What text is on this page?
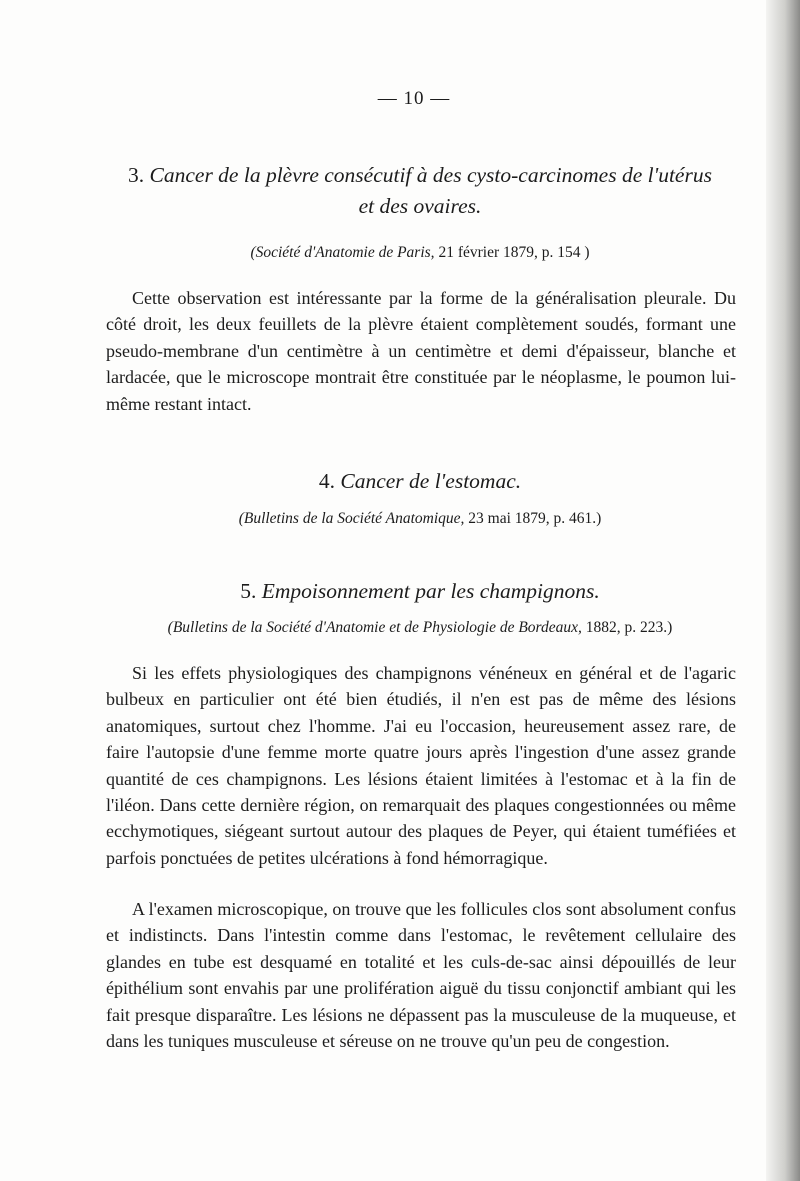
— 10 —
3. Cancer de la plèvre consécutif à des cysto-carcinomes de l'utérus
et des ovaires.
(Société d'Anatomie de Paris, 21 février 1879, p. 154 )

Cette observation est intéressante par la forme de la généralisation pleurale. Du côté droit, les deux feuillets de la plèvre étaient complètement soudés, formant une pseudo-membrane d'un centimètre à un centimètre et demi d'épaisseur, blanche et lardacée, que le microscope montrait être constituée par le néoplasme, le poumon lui-même restant intact.

4. Cancer de l'estomac.
(Bulletins de la Société Anatomique, 23 mai 1879, p. 461.)
5. Empoisonnement par les champignons.
(Bulletins de la Société d'Anatomie et de Physiologie de Bordeaux, 1882, p. 223.)

Si les effets physiologiques des champignons vénéneux en général et de l'agaric bulbeux en particulier ont été bien étudiés, il n'en est pas de même des lésions anatomiques, surtout chez l'homme. J'ai eu l'occasion, heureusement assez rare, de faire l'autopsie d'une femme morte quatre jours après l'ingestion d'une assez grande quantité de ces champignons. Les lésions étaient limitées à l'estomac et à la fin de l'iléon. Dans cette dernière région, on remarquait des plaques congestionnées ou même ecchymotiques, siégeant surtout autour des plaques de Peyer, qui étaient tuméfiées et parfois ponctuées de petites ulcérations à fond hémorragique.

A l'examen microscopique, on trouve que les follicules clos sont absolument confus et indistincts. Dans l'intestin comme dans l'estomac, le revêtement cellulaire des glandes en tube est desquamé en totalité et les culs-de-sac ainsi dépouillés de leur épithélium sont envahis par une prolifération aiguë du tissu conjonctif ambiant qui les fait presque disparaître. Les lésions ne dépassent pas la musculeuse de la muqueuse, et dans les tuniques musculeuse et séreuse on ne trouve qu'un peu de congestion.
